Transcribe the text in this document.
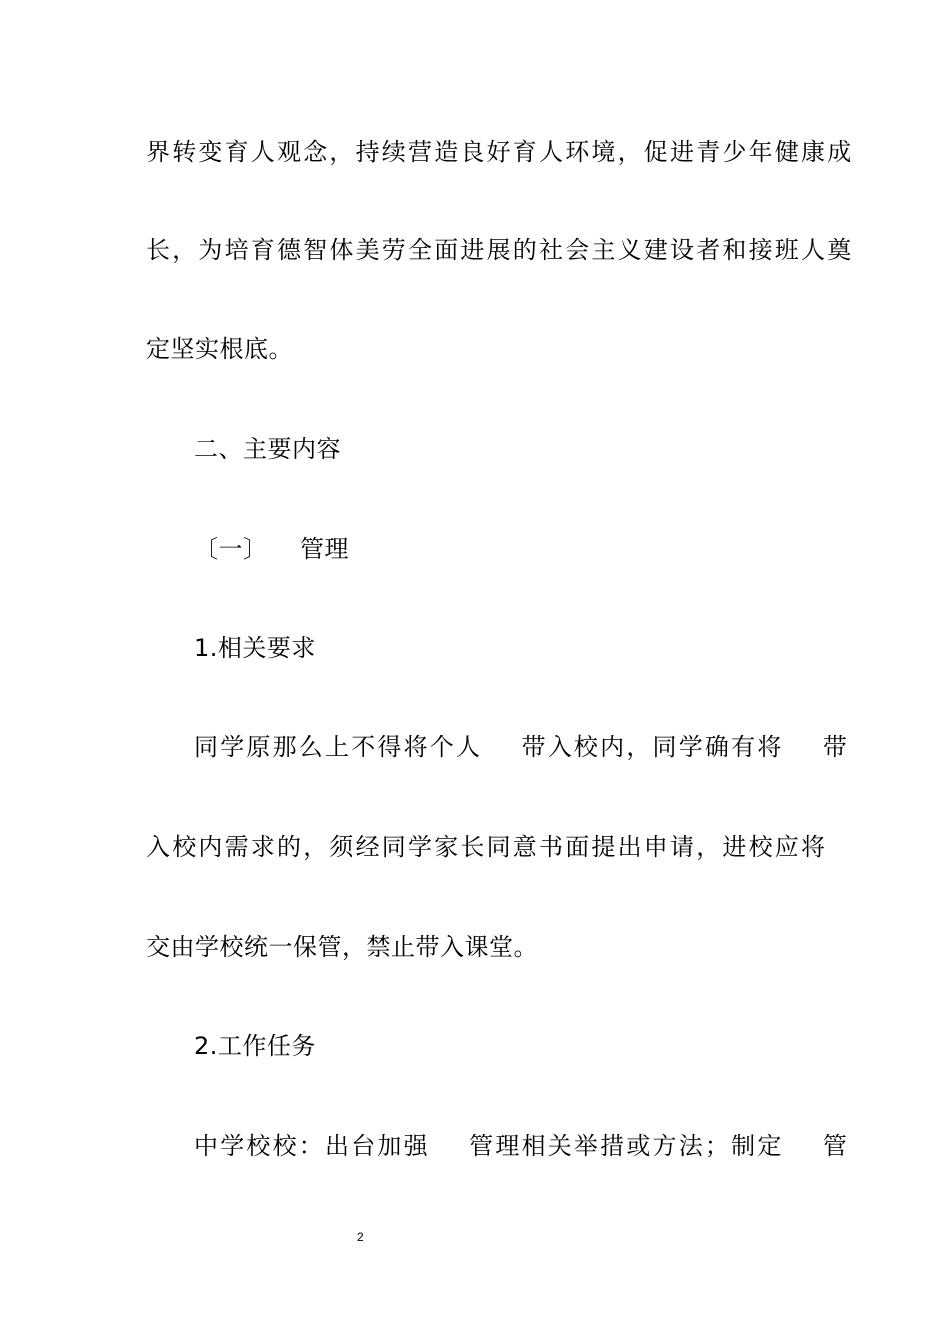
界转变育人观念，持续营造良好育人环境，促进青少年健康成
长，为培育德智体美劳全面进展的社会主义建设者和接班人奠
定坚实根底。
二、主要内容
〔一〕    管理
1.相关要求
同学原那么上不得将个人    带入校内，同学确有将    带
入校内需求的，须经同学家长同意书面提出申请，进校应将
交由学校统一保管，禁止带入课堂。
2.工作任务
中学校校：出台加强    管理相关举措或方法；制定    管
2
